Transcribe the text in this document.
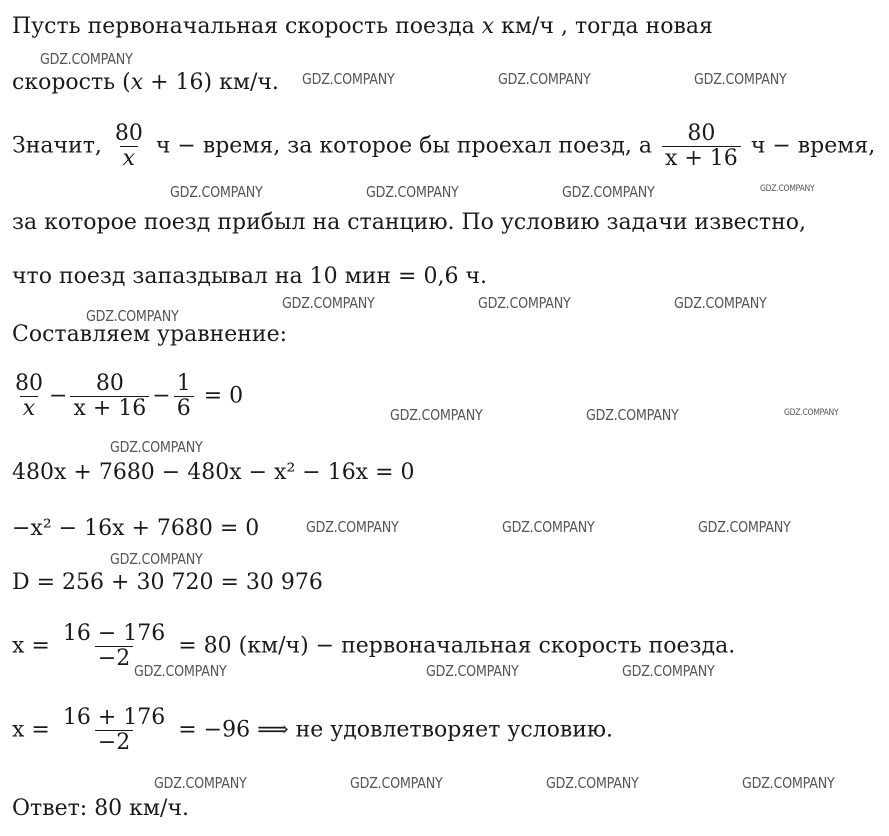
Пусть первоначальная скорость поезда x км/ч , тогда новая
скорость (x + 16) км/ч.
Значит, $\frac{80}{x}$ ч − время, за которое бы проехал поезд, а $\frac{80}{x + 16}$ ч − время,
за которое поезд прибыл на станцию. По условию задачи известно,
что поезд запаздывал на 10 мин = 0,6 ч.
Составляем уравнение:
$\frac{80}{x} - \frac{80}{x + 16} - \frac{1}{6} = 0$
480x + 7680 − 480x − x² − 16x = 0
−x² − 16x + 7680 = 0
D = 256 + 30 720 = 30 976
$x = \frac{16 - 176}{-2} = 80$ (км/ч) − первоначальная скорость поезда.
$x = \frac{16 + 176}{-2} = -96$ ⟹ не удовлетворяет условию.
Ответ: 80 км/ч.
GDZ.COMPANY
GDZ.COMPANY	GDZ.COMPANY	GDZ.COMPANY
GDZ.COMPANY	GDZ.COMPANY	GDZ.COMPANY	GDZ.COMPANY
GDZ.COMPANY
GDZ.COMPANY	GDZ.COMPANY	GDZ.COMPANY
GDZ.COMPANY	GDZ.COMPANY	GDZ.COMPANY
GDZ.COMPANY
GDZ.COMPANY	GDZ.COMPANY	GDZ.COMPANY
GDZ.COMPANY
GDZ.COMPANY	GDZ.COMPANY	GDZ.COMPANY
GDZ.COMPANY	GDZ.COMPANY	GDZ.COMPANY	GDZ.COMPANY
